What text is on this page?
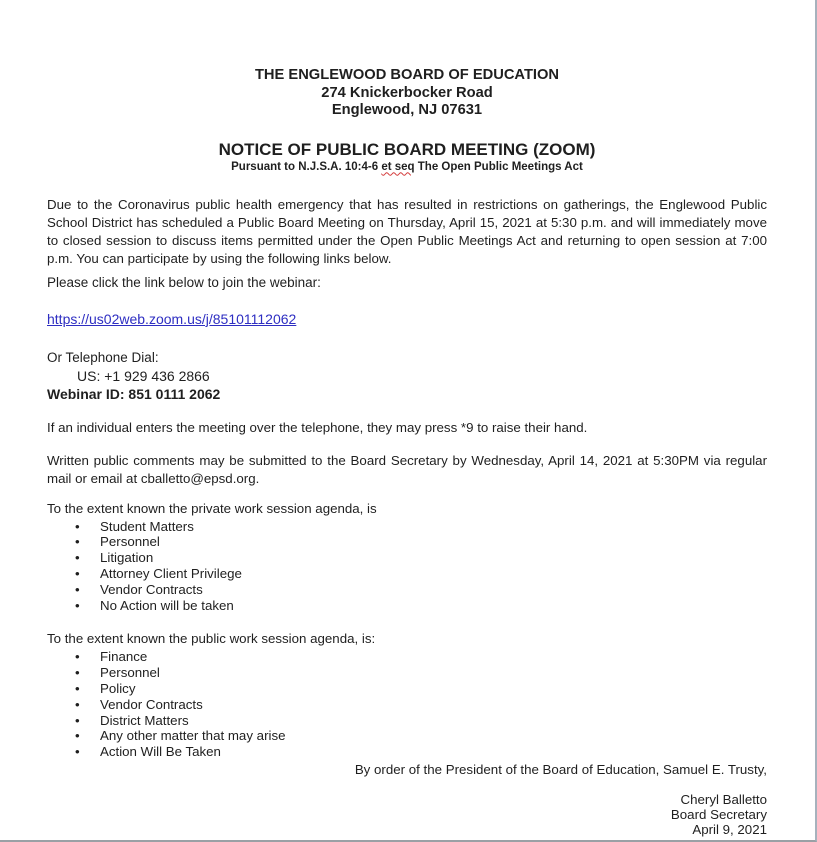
THE ENGLEWOOD BOARD OF EDUCATION
274 Knickerbocker Road
Englewood, NJ 07631
NOTICE OF PUBLIC BOARD MEETING (ZOOM)
Pursuant to N.J.S.A. 10:4-6 et seq The Open Public Meetings Act

Due to the Coronavirus public health emergency that has resulted in restrictions on gatherings, the Englewood Public School District has scheduled a Public Board Meeting on Thursday, April 15, 2021 at 5:30 p.m. and will immediately move to closed session to discuss items permitted under the Open Public Meetings Act and returning to open session at 7:00 p.m. You can participate by using the following links below.

Please click the link below to join the webinar:

https://us02web.zoom.us/j/85101112062

Or Telephone Dial:

US: +1 929 436 2866

Webinar ID: 851 0111 2062

If an individual enters the meeting over the telephone, they may press *9 to raise their hand.

Written public comments may be submitted to the Board Secretary by Wednesday, April 14, 2021 at 5:30PM via regular mail or email at cballetto@epsd.org.

To the extent known the private work session agenda, is

• Student Matters
• Personnel
• Litigation
• Attorney Client Privilege
• Vendor Contracts
• No Action will be taken

To the extent known the public work session agenda, is:

• Finance
• Personnel
• Policy
• Vendor Contracts
• District Matters
• Any other matter that may arise
• Action Will Be Taken

By order of the President of the Board of Education, Samuel E. Trusty,

Cheryl Balletto
Board Secretary
April 9, 2021
